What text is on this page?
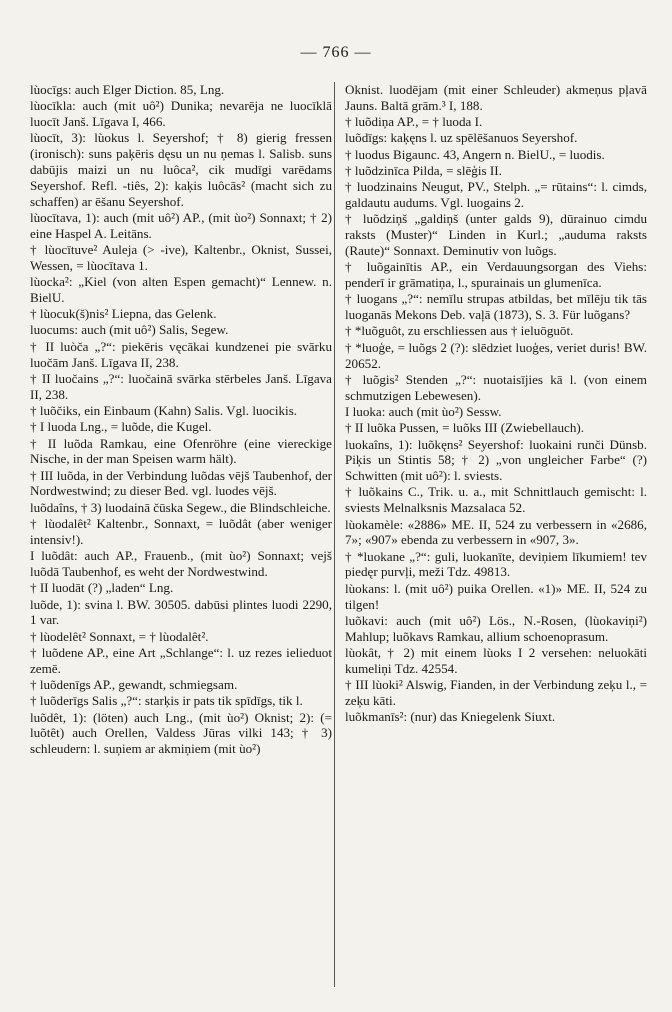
— 766 —

lùocīgs: auch Elger Diction. 85, Lng.

lùocīkla: auch (mit uô²) Dunika; nevarēja ne luocīklā luocīt Janš. Līgava I, 466.

lùocīt, 3): lùokus l. Seyershof; † 8) gierig fressen (ironisch): suns paķēris dęsu un nu ņemas l. Salisb. suns dabūjis maizi un nu luôca², cik mudīgi varēdams Seyershof. Refl. -tiês, 2): kaķis luôcās² (macht sich zu schaffen) ar ēšanu Seyershof.

lùocītava, 1): auch (mit uô²) AP., (mit ùo²) Sonnaxt; † 2) eine Haspel A. Leitāns.

† lùocītuve² Auleja (> -ive), Kaltenbr., Oknist, Sussei, Wessen, = lùocītava 1.

lùocka²: „Kiel (von alten Espen gemacht)“ Lennew. n. BielU.

† lùocuk(š)nis² Liepna, das Gelenk.

luocums: auch (mit uô²) Salis, Segew.

† II luòča „?“: piekēris vęcākai kundzenei pie svārku luočām Janš. Līgava II, 238.

† II luočains „?“: luočainā svārka stērbeles Janš. Līgava II, 238.

† luõčiks, ein Einbaum (Kahn) Salis. Vgl. luocikis.

† I luoda Lng., = luõde, die Kugel.

† II luõda Ramkau, eine Ofenröhre (eine viereckige Nische, in der man Speisen warm hält).

† III luõda, in der Verbindung luõdas vējš Taubenhof, der Nordwestwind; zu dieser Bed. vgl. luodes vējš.

luõdaîns, † 3) luodainā čūska Segew., die Blindschleiche.

† lùodalêt² Kaltenbr., Sonnaxt, = luõdât (aber weniger intensiv!).

I luõdât: auch AP., Frauenb., (mit ùo²) Sonnaxt; vejš luõdā Taubenhof, es weht der Nordwestwind.

† II luodāt (?) „laden“ Lng.

luõde, 1): svina l. BW. 30505. dabūsi plintes luodi 2290, 1 var.

† lùodelêt² Sonnaxt, = † lùodalêt².

† luõdene AP., eine Art „Schlange“: l. uz rezes ielieduot zemē.

† luõdenīgs AP., gewandt, schmiegsam.

† luõderīgs Salis „?“: starķis ir pats tik spīdīgs, tik l.

luõdêt, 1): (löten) auch Lng., (mit ùo²) Oknist; 2): (= luõtêt) auch Orellen, Valdess Jūras vilki 143; † 3) schleudern: l. suņiem ar akmiņiem (mit ùo²)

Oknist. luodējam (mit einer Schleuder) akmeņus pļavā Jauns. Baltā grām.³ I, 188.

† luõdiņa AP., = † luoda I.

luõdīgs: kaķęns l. uz spēlēšanuos Seyershof.

† luodus Bigaunc. 43, Angern n. BielU., = luodis.

† luõdzinīca Pilda, = slēģis II.

† luodzinains Neugut, PV., Stelph. „= rūtains“: l. cimds, galdautu audums. Vgl. luogains 2.

† luõdziņš „galdiņš (unter galds 9), dūrainuo cimdu raksts (Muster)“ Linden in Kurl.; „auduma raksts (Raute)“ Sonnaxt. Deminutiv von luõgs.

† luõgainītis AP., ein Verdauungsorgan des Viehs: penderī ir grāmatiņa, l., spurainais un glumenīca.

† luogans „?“: nemīlu strupas atbildas, bet mīlēju tik tās luoganās Mekons Deb. vaļā (1873), S. 3. Für luõgans?

† *luõguôt, zu erschliessen aus † ieluōguōt.

† *luoģe, = luõgs 2 (?): slēdziet luoģes, veriet duris! BW. 20652.

† luõgis² Stenden „?“: nuotaisījies kā l. (von einem schmutzigen Lebewesen).

I luoka: auch (mit ùo²) Sessw.

† II luõka Pussen, = luõks III (Zwiebellauch).

luokaîns, 1): luõkęns² Seyershof: luokaini runči Dünsb. Piķis un Stintis 58; † 2) „von ungleicher Farbe“ (?) Schwitten (mit uô²): l. sviests.

† luõkains C., Trik. u. a., mit Schnittlauch gemischt: l. sviests Melnalksnis Mazsalaca 52.

lùokamèle: «2886» ME. II, 524 zu verbessern in «2686, 7»; «907» ebenda zu verbessern in «907, 3».

† *luokane „?“: guli, luokanīte, deviņiem līkumiem! tev piedęr purvļi, meži Tdz. 49813.

lùokans: l. (mit uô²) puika Orellen. «1)» ME. II, 524 zu tilgen!

luõkavi: auch (mit uô²) Lös., N.-Rosen, (lùokaviņi²) Mahlup; luõkavs Ramkau, allium schoenoprasum.

lùokât, † 2) mit einem lùoks I 2 versehen: neluokāti kumeliņi Tdz. 42554.

† III lùoki² Alswig, Fianden, in der Verbindung zeķu l., = zeķu kāti.

luõkmanīs²: (nur) das Kniegelenk Siuxt.
